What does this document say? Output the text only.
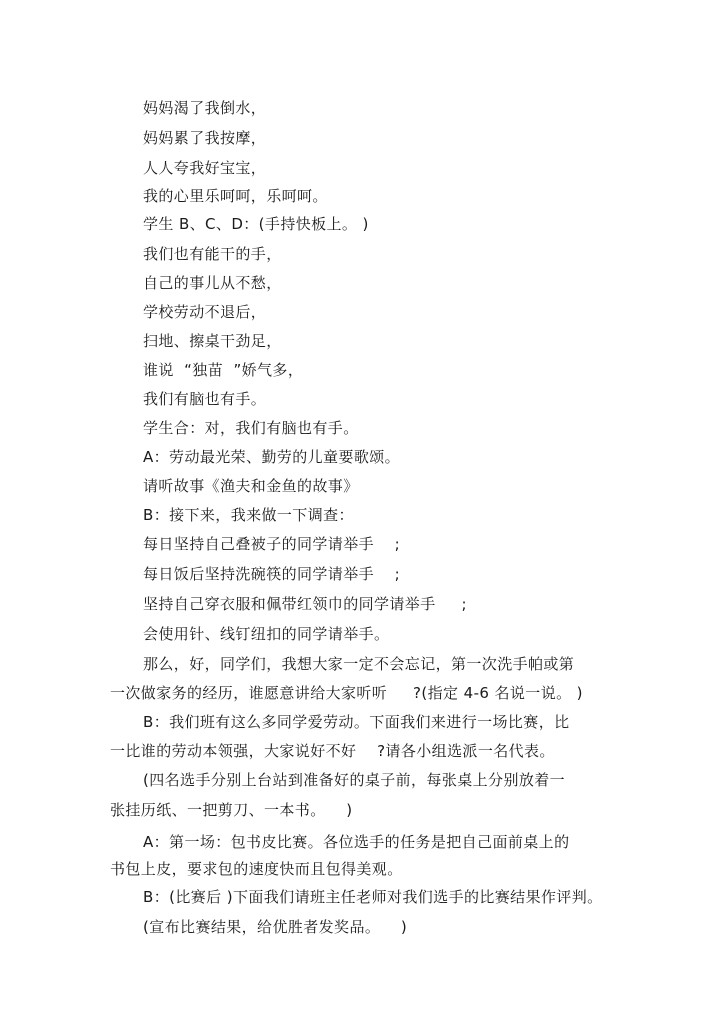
妈妈渴了我倒水，
妈妈累了我按摩，
人人夸我好宝宝，
我的心里乐呵呵，乐呵呵。
学生 B、C、D：(手持快板上。 )
我们也有能干的手，
自己的事儿从不愁，
学校劳动不退后，
扫地、擦桌干劲足，
谁说  “独苗  ”娇气多，
我们有脑也有手。
学生合：对，我们有脑也有手。
A：劳动最光荣、勤劳的儿童要歌颂。
请听故事《渔夫和金鱼的故事》
B：接下来，我来做一下调查：
每日坚持自己叠被子的同学请举手    ;
每日饭后坚持洗碗筷的同学请举手    ;
坚持自己穿衣服和佩带红领巾的同学请举手     ;
会使用针、线钉纽扣的同学请举手。
那么，好，同学们，我想大家一定不会忘记，第一次洗手帕或第
一次做家务的经历，谁愿意讲给大家听听     ?(指定 4-6 名说一说。 )
B：我们班有这么多同学爱劳动。下面我们来进行一场比赛，比
一比谁的劳动本领强，大家说好不好    ?请各小组选派一名代表。
(四名选手分别上台站到准备好的桌子前，每张桌上分别放着一
张挂历纸、一把剪刀、一本书。    )
A：第一场：包书皮比赛。各位选手的任务是把自己面前桌上的
书包上皮，要求包的速度快而且包得美观。
B：(比赛后 )下面我们请班主任老师对我们选手的比赛结果作评判。
(宣布比赛结果，给优胜者发奖品。    )
